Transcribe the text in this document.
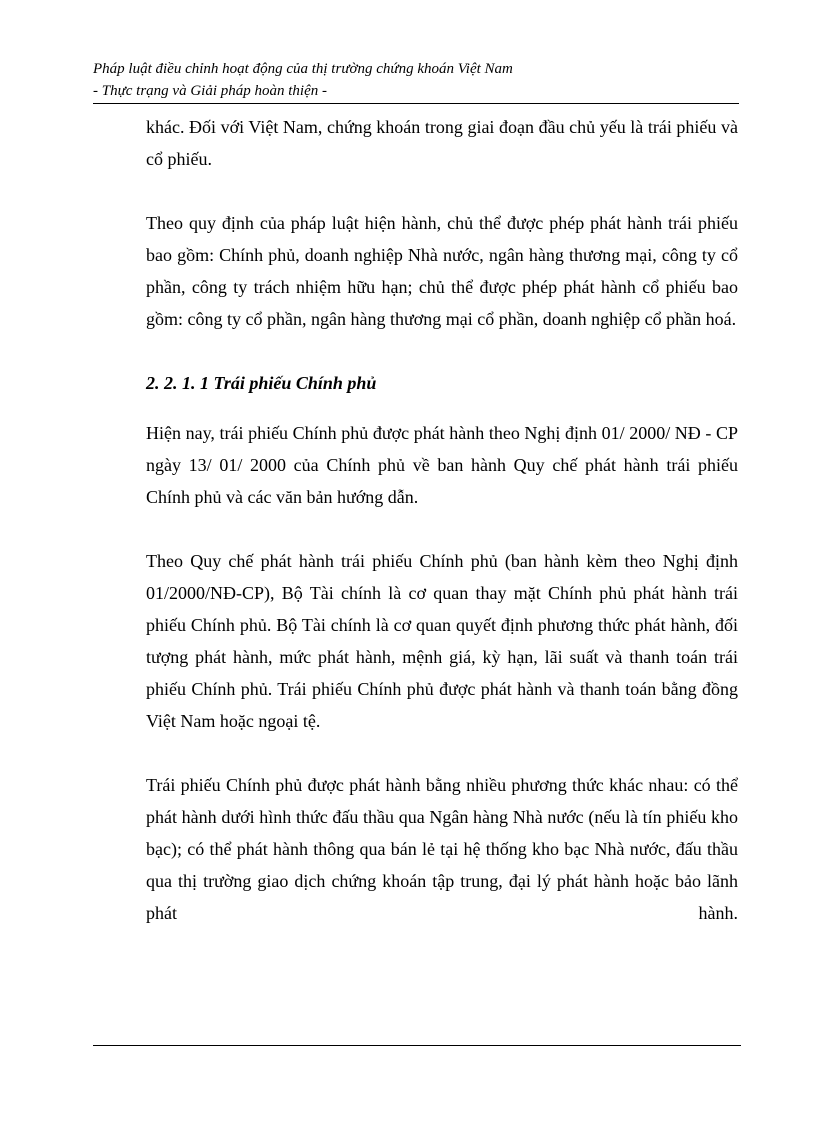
Pháp luật điều chỉnh hoạt động của thị trường chứng khoán Việt Nam
- Thực trạng và Giải pháp hoàn thiện -

khác. Đối với Việt Nam, chứng khoán trong giai đoạn đầu chủ yếu là trái phiếu và cổ phiếu.

Theo quy định của pháp luật hiện hành, chủ thể được phép phát hành trái phiếu bao gồm: Chính phủ, doanh nghiệp Nhà nước, ngân hàng thương mại, công ty cổ phần, công ty trách nhiệm hữu hạn; chủ thể được phép phát hành cổ phiếu bao gồm: công ty cổ phần, ngân hàng thương mại cổ phần, doanh nghiệp cổ phần hoá.

2. 2. 1. 1 Trái phiếu Chính phủ

Hiện nay, trái phiếu Chính phủ được phát hành theo Nghị định 01/ 2000/ NĐ - CP ngày 13/ 01/ 2000 của Chính phủ về ban hành Quy chế phát hành trái phiếu Chính phủ và các văn bản hướng dẫn.

Theo Quy chế phát hành trái phiếu Chính phủ (ban hành kèm theo Nghị định 01/2000/NĐ-CP), Bộ Tài chính là cơ quan thay mặt Chính phủ phát hành trái phiếu Chính phủ. Bộ Tài chính là cơ quan quyết định phương thức phát hành, đối tượng phát hành, mức phát hành, mệnh giá, kỳ hạn, lãi suất và thanh toán trái phiếu Chính phủ. Trái phiếu Chính phủ được phát hành và thanh toán bằng đồng Việt Nam hoặc ngoại tệ.

Trái phiếu Chính phủ được phát hành bằng nhiều phương thức khác nhau: có thể phát hành dưới hình thức đấu thầu qua Ngân hàng Nhà nước (nếu là tín phiếu kho bạc); có thể phát hành thông qua bán lẻ tại hệ thống kho bạc Nhà nước, đấu thầu qua thị trường giao dịch chứng khoán tập trung, đại lý phát hành hoặc bảo lãnh phát hành.
